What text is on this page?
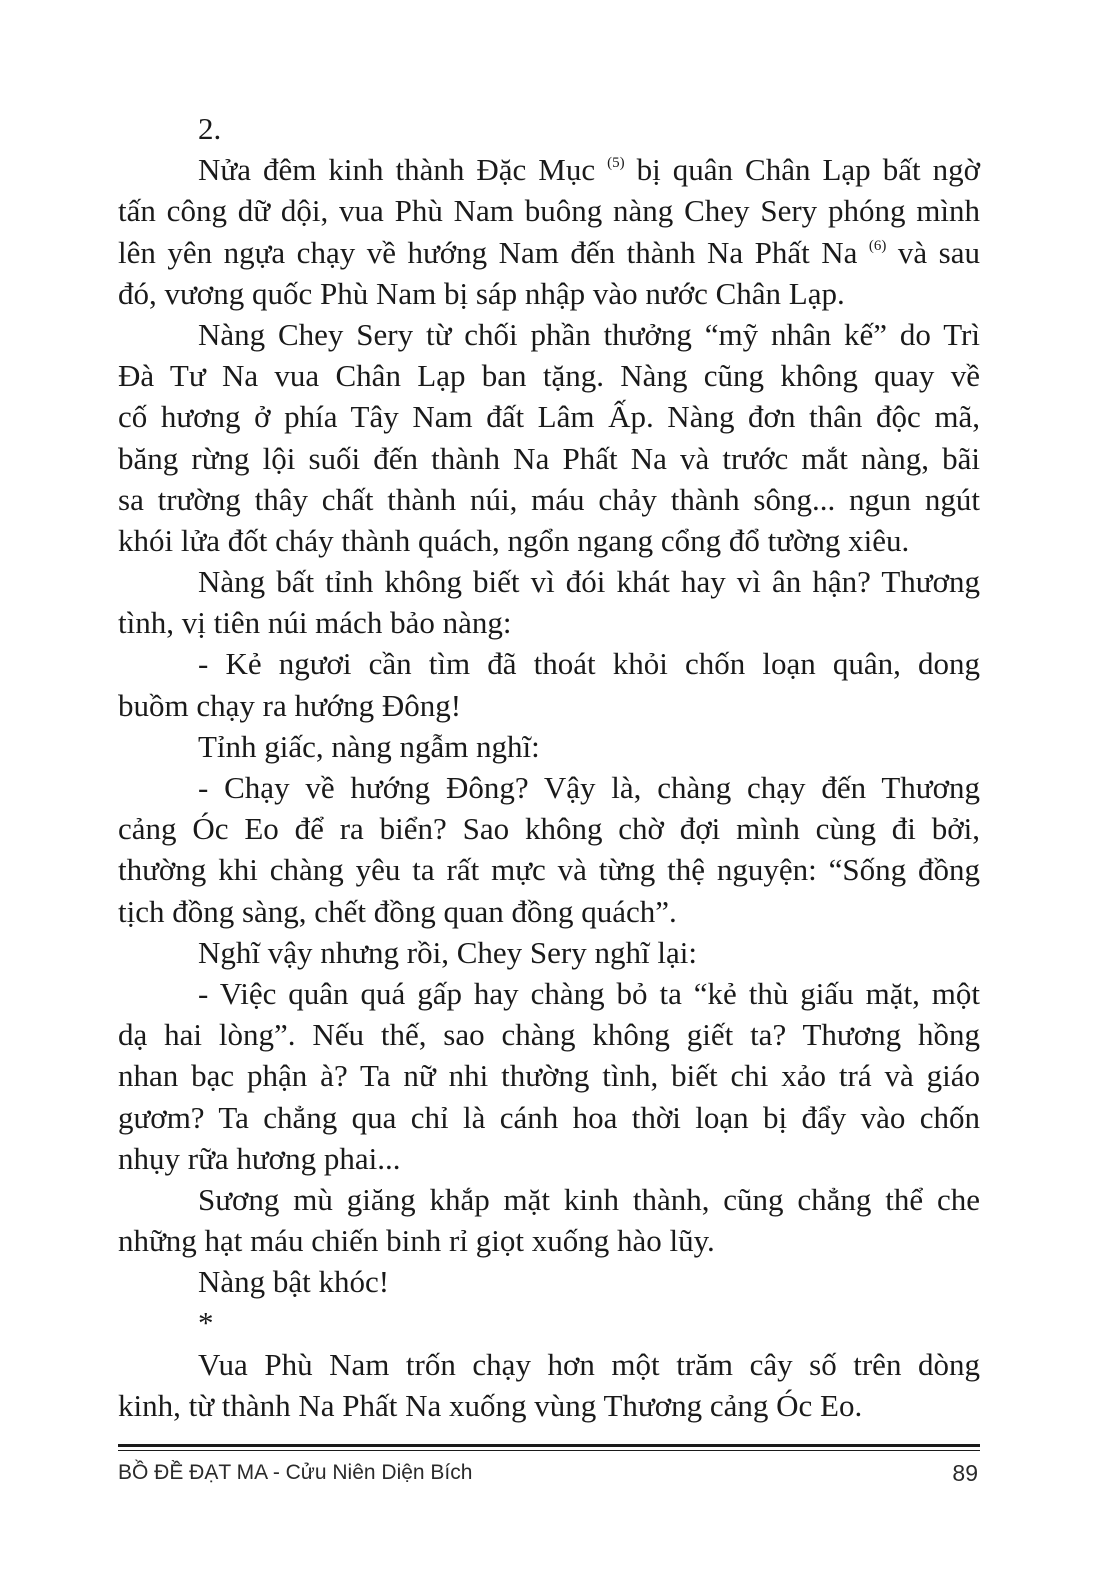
2.
Nửa đêm kinh thành Đặc Mục $^{(5)}$ bị quân Chân Lạp bất ngờ
tấn công dữ dội, vua Phù Nam buông nàng Chey Sery phóng mình
lên yên ngựa chạy về hướng Nam đến thành Na Phất Na $^{(6)}$ và sau
đó, vương quốc Phù Nam bị sáp nhập vào nước Chân Lạp.
Nàng Chey Sery từ chối phần thưởng “mỹ nhân kế” do Trì
Đà Tư Na vua Chân Lạp ban tặng. Nàng cũng không quay về
cố hương ở phía Tây Nam đất Lâm Ấp. Nàng đơn thân độc mã,
băng rừng lội suối đến thành Na Phất Na và trước mắt nàng, bãi
sa trường thây chất thành núi, máu chảy thành sông... ngun ngút
khói lửa đốt cháy thành quách, ngổn ngang cổng đổ tường xiêu.
Nàng bất tỉnh không biết vì đói khát hay vì ân hận? Thương
tình, vị tiên núi mách bảo nàng:
- Kẻ ngươi cần tìm đã thoát khỏi chốn loạn quân, dong
buồm chạy ra hướng Đông!
Tỉnh giấc, nàng ngẫm nghĩ:
- Chạy về hướng Đông? Vậy là, chàng chạy đến Thương
cảng Óc Eo để ra biển? Sao không chờ đợi mình cùng đi bởi,
thường khi chàng yêu ta rất mực và từng thệ nguyện: “Sống đồng
tịch đồng sàng, chết đồng quan đồng quách”.
Nghĩ vậy nhưng rồi, Chey Sery nghĩ lại:
- Việc quân quá gấp hay chàng bỏ ta “kẻ thù giấu mặt, một
dạ hai lòng”. Nếu thế, sao chàng không giết ta? Thương hồng
nhan bạc phận à? Ta nữ nhi thường tình, biết chi xảo trá và giáo
gươm? Ta chẳng qua chỉ là cánh hoa thời loạn bị đẩy vào chốn
nhụy rữa hương phai...
Sương mù giăng khắp mặt kinh thành, cũng chẳng thể che
những hạt máu chiến binh rỉ giọt xuống hào lũy.
Nàng bật khóc!
*
Vua Phù Nam trốn chạy hơn một trăm cây số trên dòng
kinh, từ thành Na Phất Na xuống vùng Thương cảng Óc Eo.
BỒ ĐỀ ĐẠT MA - Cửu Niên Diện Bích	89
